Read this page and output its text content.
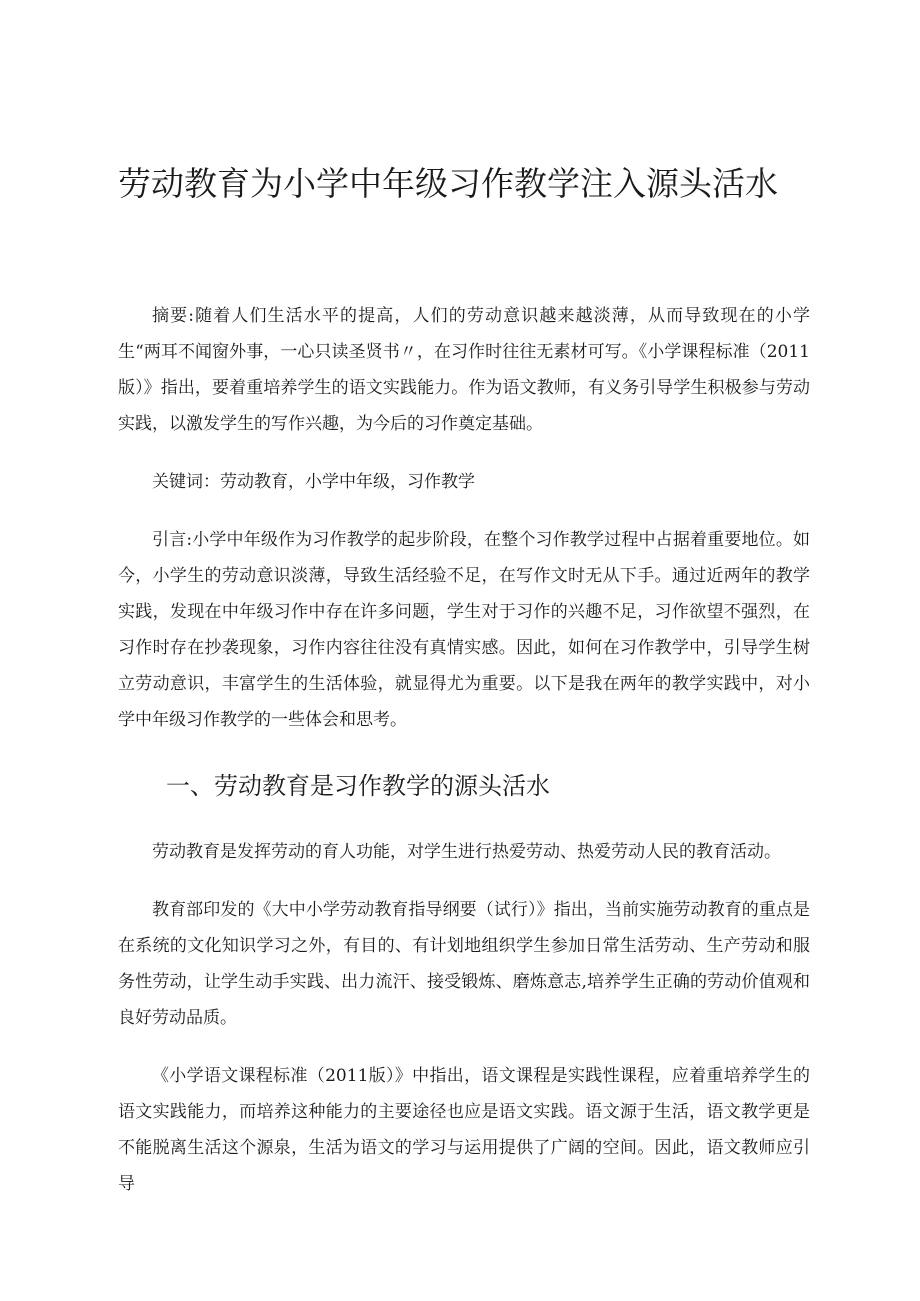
劳动教育为小学中年级习作教学注入源头活水

摘要:随着人们生活水平的提高，人们的劳动意识越来越淡薄，从而导致现在的小学生“两耳不闻窗外事，一心只读圣贤书〃，在习作时往往无素材可写。《小学课程标准（2011版）》指出，要着重培养学生的语文实践能力。作为语文教师，有义务引导学生积极参与劳动实践，以激发学生的写作兴趣，为今后的习作奠定基础。

关键词：劳动教育，小学中年级，习作教学

引言:小学中年级作为习作教学的起步阶段，在整个习作教学过程中占据着重要地位。如今，小学生的劳动意识淡薄，导致生活经验不足，在写作文时无从下手。通过近两年的教学实践，发现在中年级习作中存在许多问题，学生对于习作的兴趣不足，习作欲望不强烈，在习作时存在抄袭现象，习作内容往往没有真情实感。因此，如何在习作教学中，引导学生树立劳动意识，丰富学生的生活体验，就显得尤为重要。以下是我在两年的教学实践中，对小学中年级习作教学的一些体会和思考。

一、劳动教育是习作教学的源头活水

劳动教育是发挥劳动的育人功能，对学生进行热爱劳动、热爱劳动人民的教育活动。

教育部印发的《大中小学劳动教育指导纲要（试行）》指出，当前实施劳动教育的重点是在系统的文化知识学习之外，有目的、有计划地组织学生参加日常生活劳动、生产劳动和服务性劳动，让学生动手实践、出力流汗、接受锻炼、磨炼意志,培养学生正确的劳动价值观和良好劳动品质。

《小学语文课程标准（2011版）》中指出，语文课程是实践性课程，应着重培养学生的语文实践能力，而培养这种能力的主要途径也应是语文实践。语文源于生活，语文教学更是不能脱离生活这个源泉，生活为语文的学习与运用提供了广阔的空间。因此，语文教师应引导
